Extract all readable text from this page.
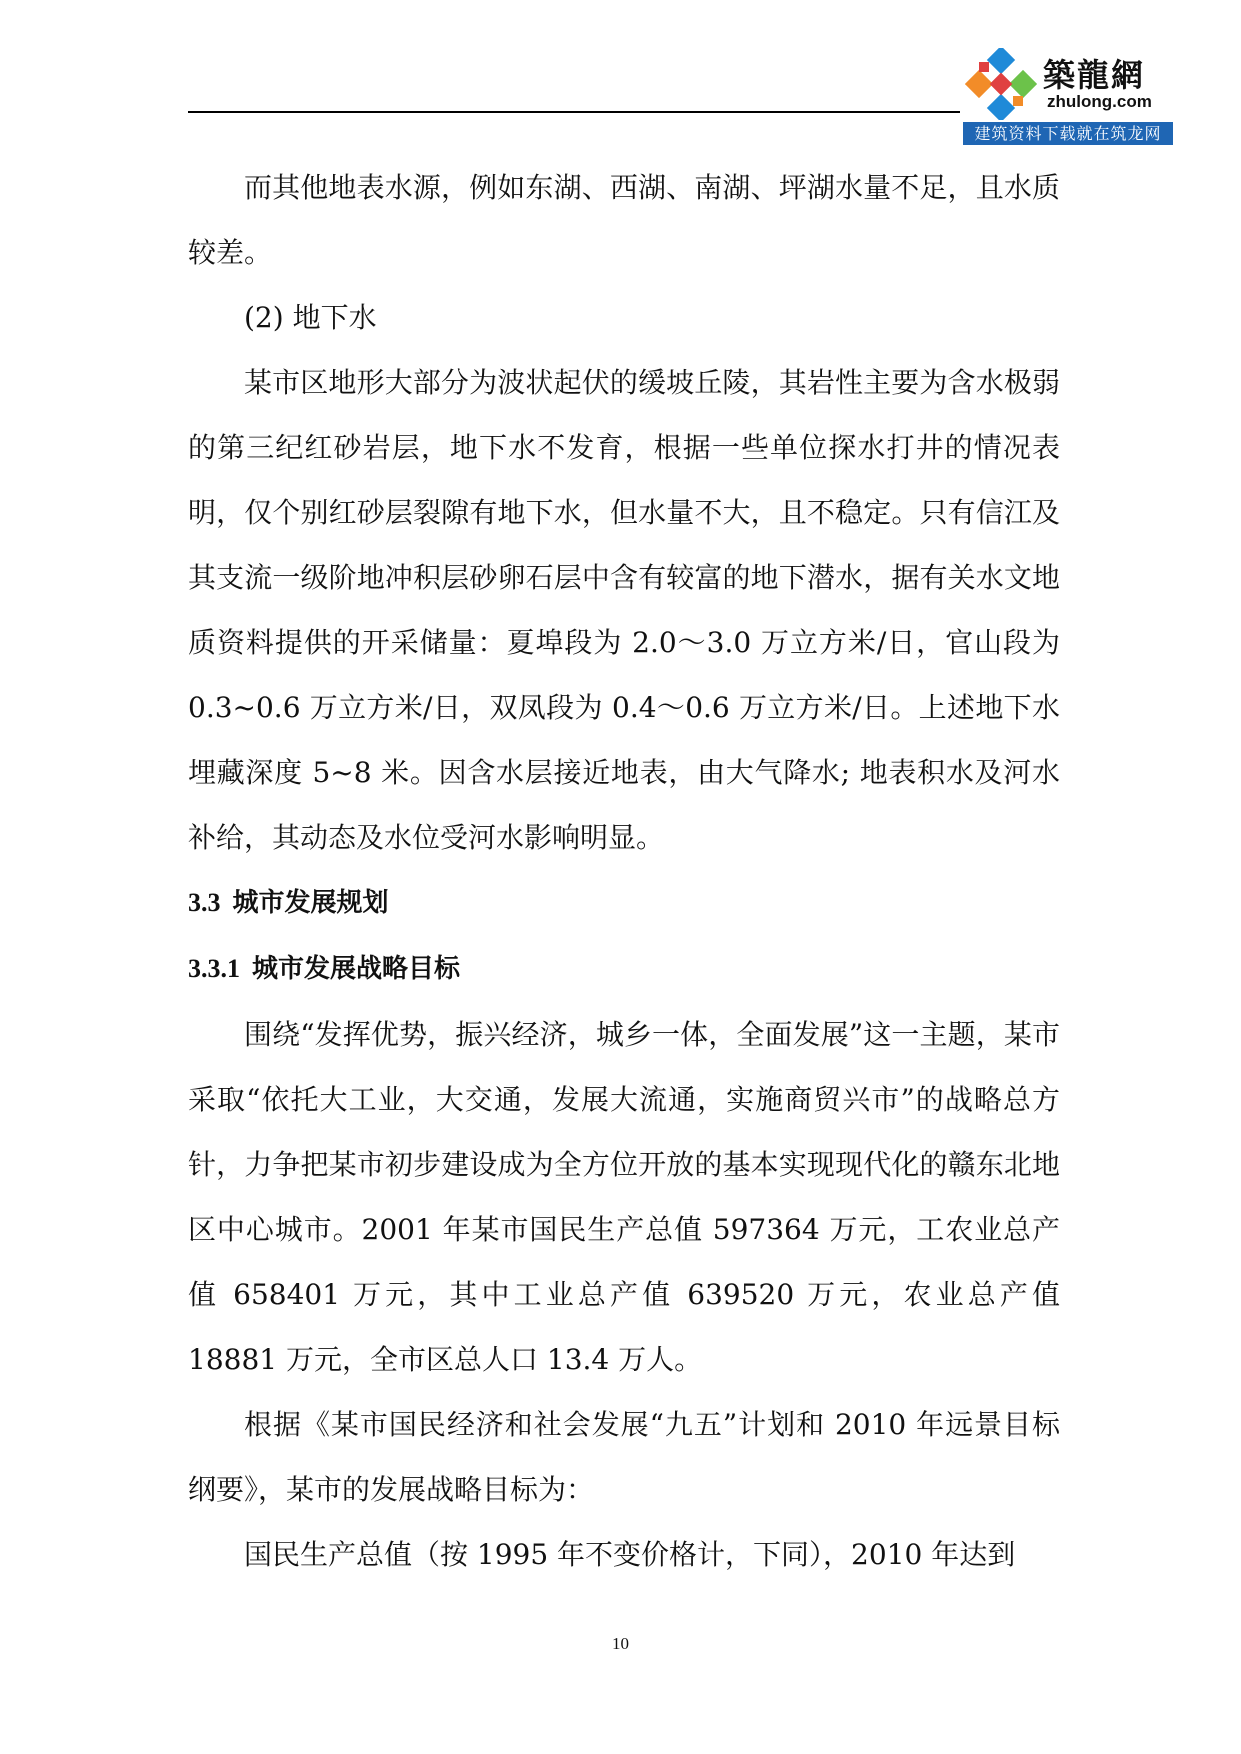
築龍網
zhulong.com
建筑资料下载就在筑龙网

而其他地表水源，例如东湖、西湖、南湖、坪湖水量不足，且水质较差。

(2) 地下水

某市区地形大部分为波状起伏的缓坡丘陵，其岩性主要为含水极弱的第三纪红砂岩层，地下水不发育，根据一些单位探水打井的情况表明，仅个别红砂层裂隙有地下水，但水量不大，且不稳定。只有信江及其支流一级阶地冲积层砂卵石层中含有较富的地下潜水，据有关水文地质资料提供的开采储量：夏埠段为 2.0～3.0 万立方米/日，官山段为 0.3~0.6 万立方米/日，双凤段为 0.4～0.6 万立方米/日。上述地下水埋藏深度 5~8 米。因含水层接近地表，由大气降水; 地表积水及河水补给，其动态及水位受河水影响明显。

3.3 城市发展规划

3.3.1 城市发展战略目标

围绕“发挥优势，振兴经济，城乡一体，全面发展”这一主题，某市采取“依托大工业，大交通，发展大流通，实施商贸兴市”的战略总方针，力争把某市初步建设成为全方位开放的基本实现现代化的赣东北地区中心城市。2001 年某市国民生产总值 597364 万元，工农业总产值 658401 万元，其中工业总产值 639520 万元，农业总产值 18881 万元，全市区总人口 13.4 万人。

根据《某市国民经济和社会发展“九五”计划和 2010 年远景目标纲要》，某市的发展战略目标为：

国民生产总值（按 1995 年不变价格计，下同），2010 年达到

10
